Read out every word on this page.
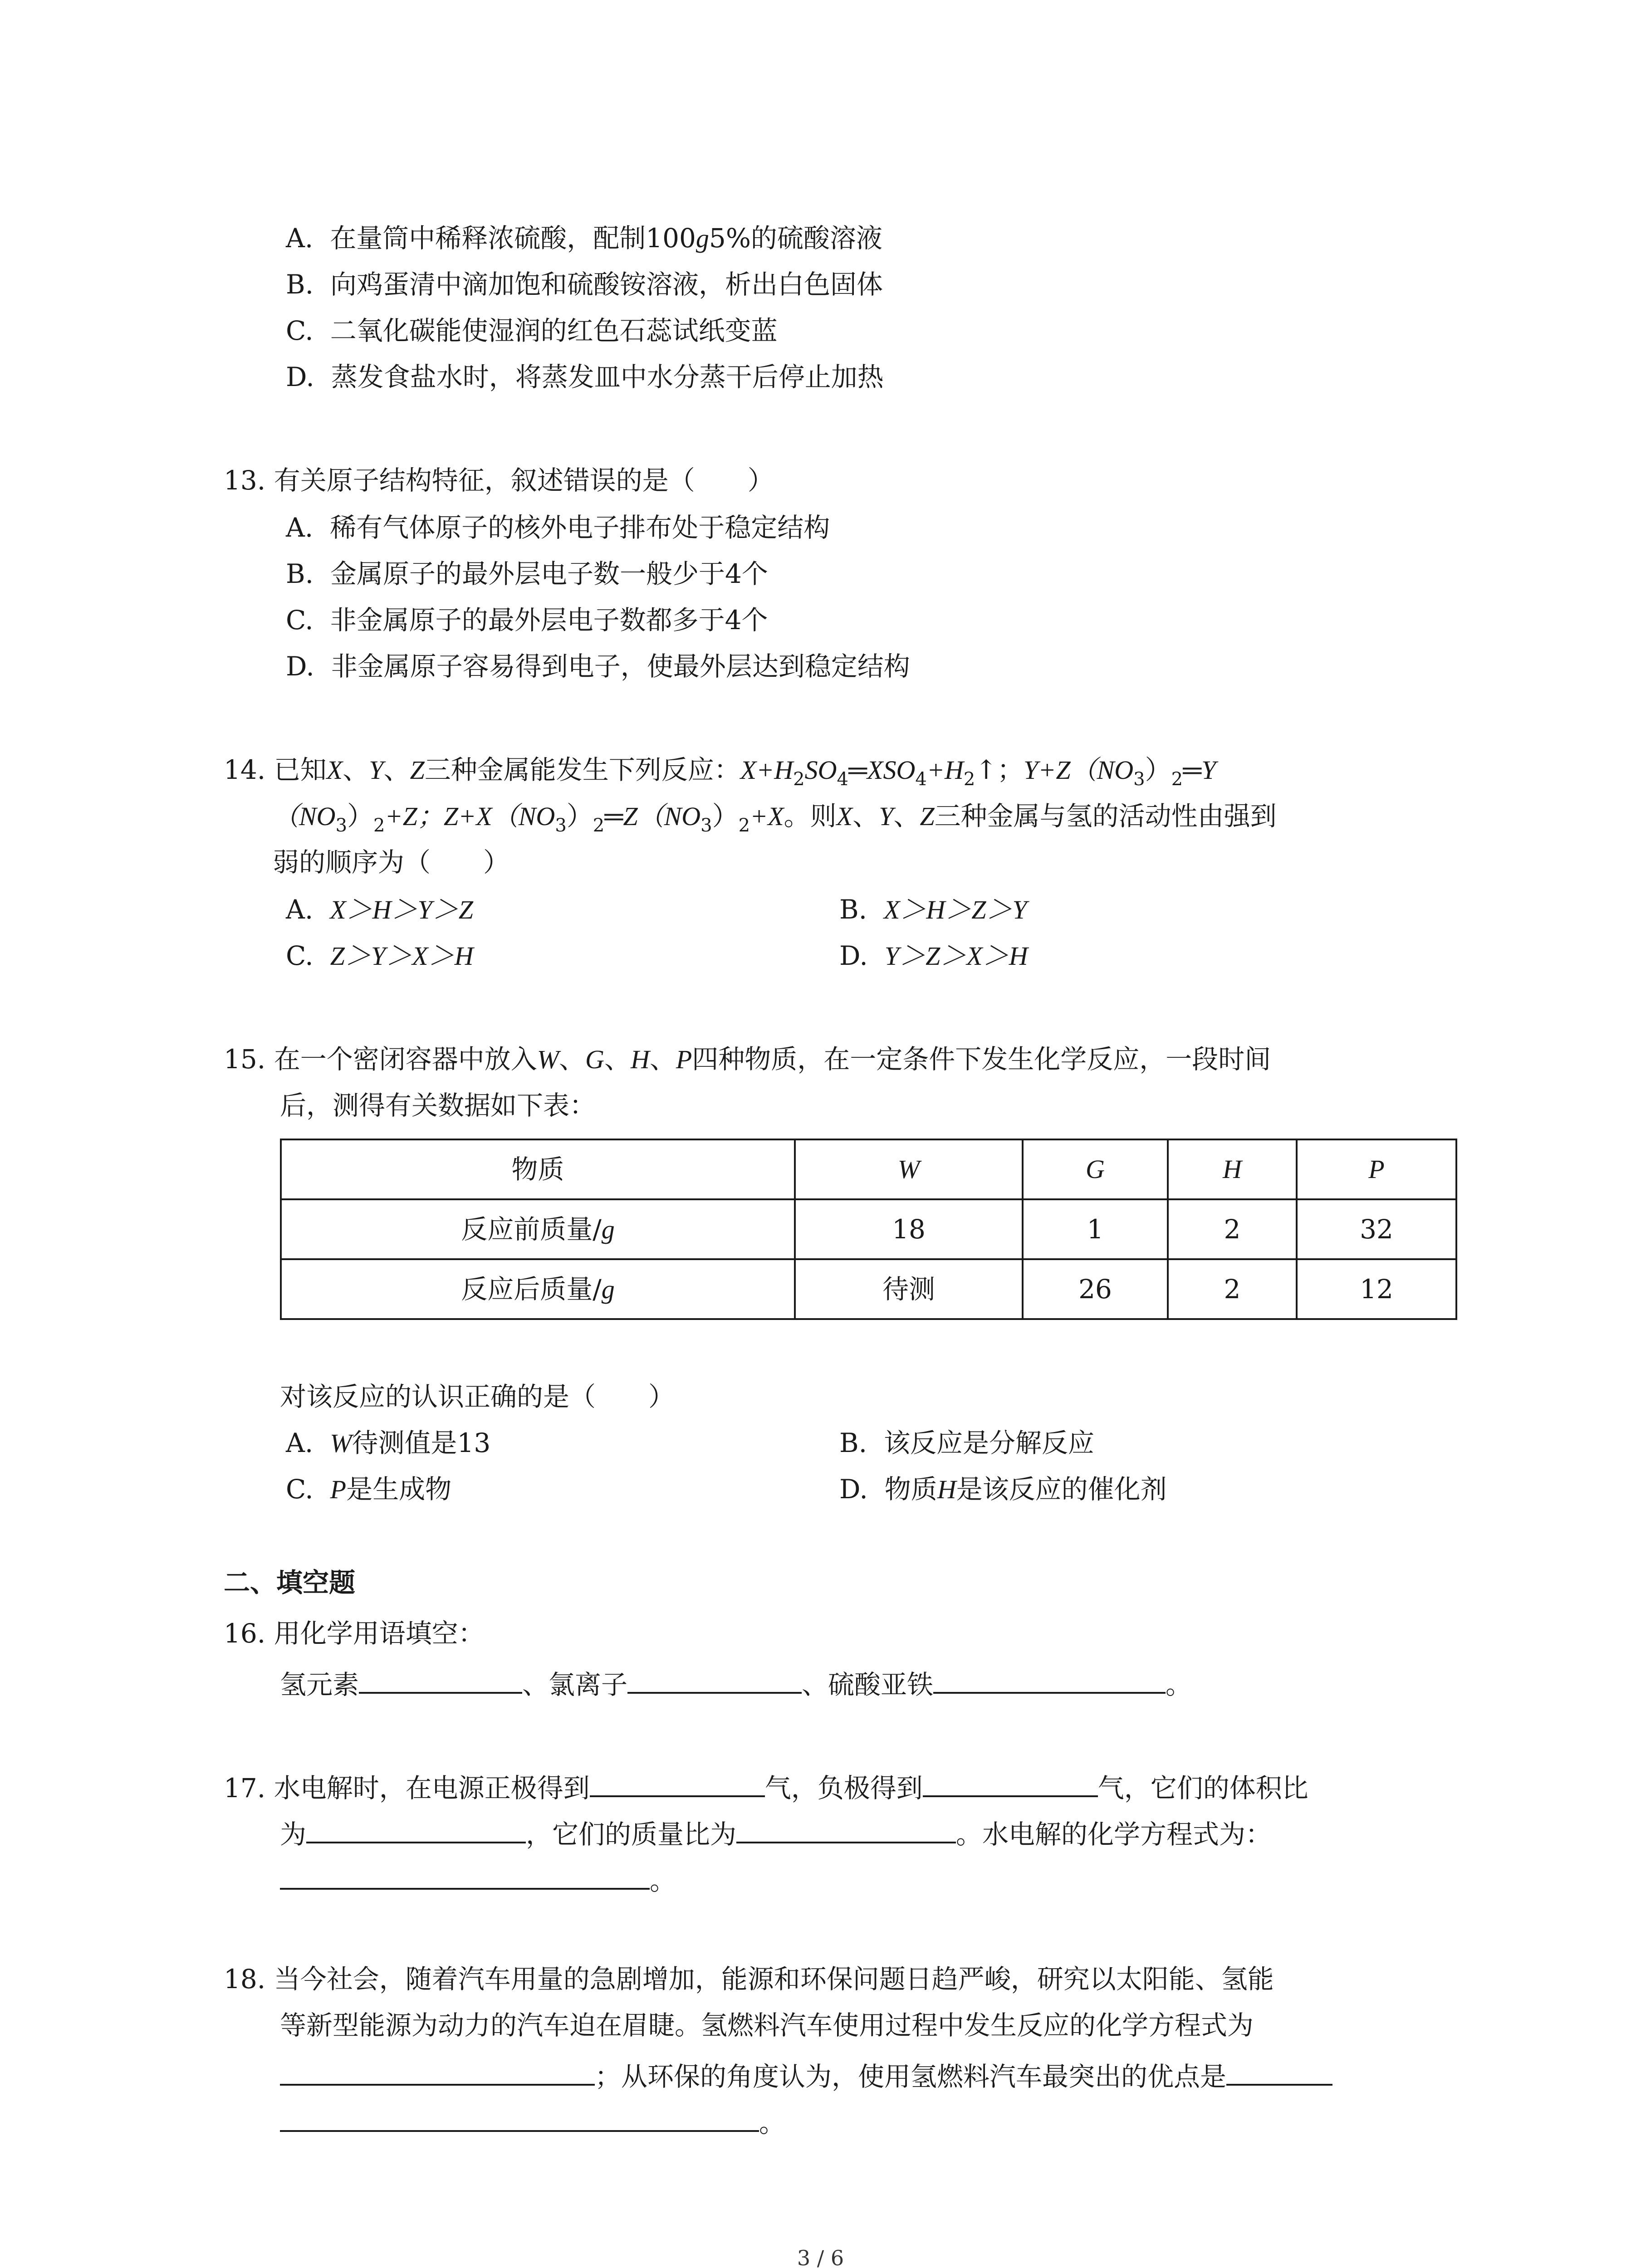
A. 在量筒中稀释浓硫酸，配制100g5%的硫酸溶液
B. 向鸡蛋清中滴加饱和硫酸铵溶液，析出白色固体
C. 二氧化碳能使湿润的红色石蕊试纸变蓝
D. 蒸发食盐水时，将蒸发皿中水分蒸干后停止加热
13. 有关原子结构特征，叙述错误的是（　　）
A. 稀有气体原子的核外电子排布处于稳定结构
B. 金属原子的最外层电子数一般少于4个
C. 非金属原子的最外层电子数都多于4个
D. 非金属原子容易得到电子，使最外层达到稳定结构
14. 已知X、Y、Z三种金属能发生下列反应：$X+H_2SO_4═XSO_4+H_2↑$；$Y+Z(NO_3)_2═Y$
$(NO_3)_2+Z$；$Z+X(NO_3)_2═Z(NO_3)_2+X$。则X、Y、Z三种金属与氢的活动性由强到
弱的顺序为（　　）
A. X＞H＞Y＞Z	B. X＞H＞Z＞Y
C. Z＞Y＞X＞H	D. Y＞Z＞X＞H
15. 在一个密闭容器中放入W、G、H、P四种物质，在一定条件下发生化学反应，一段时间
后，测得有关数据如下表：
物质	W	G	H	P
反应前质量/g	18	1	2	32
反应后质量/g	待测	26	2	12
对该反应的认识正确的是（　　）
A. W待测值是13	B. 该反应是分解反应
C. P是生成物	D. 物质H是该反应的催化剂
二、填空题
16. 用化学用语填空：
氢元素	、氯离子	、硫酸亚铁	。
17. 水电解时，在电源正极得到	气，负极得到	气，它们的体积比
为	，它们的质量比为	。水电解的化学方程式为：
。
18. 当今社会，随着汽车用量的急剧增加，能源和环保问题日趋严峻，研究以太阳能、氢能
等新型能源为动力的汽车迫在眉睫。氢燃料汽车使用过程中发生反应的化学方程式为
；从环保的角度认为，使用氢燃料汽车最突出的优点是
。
3 / 6
